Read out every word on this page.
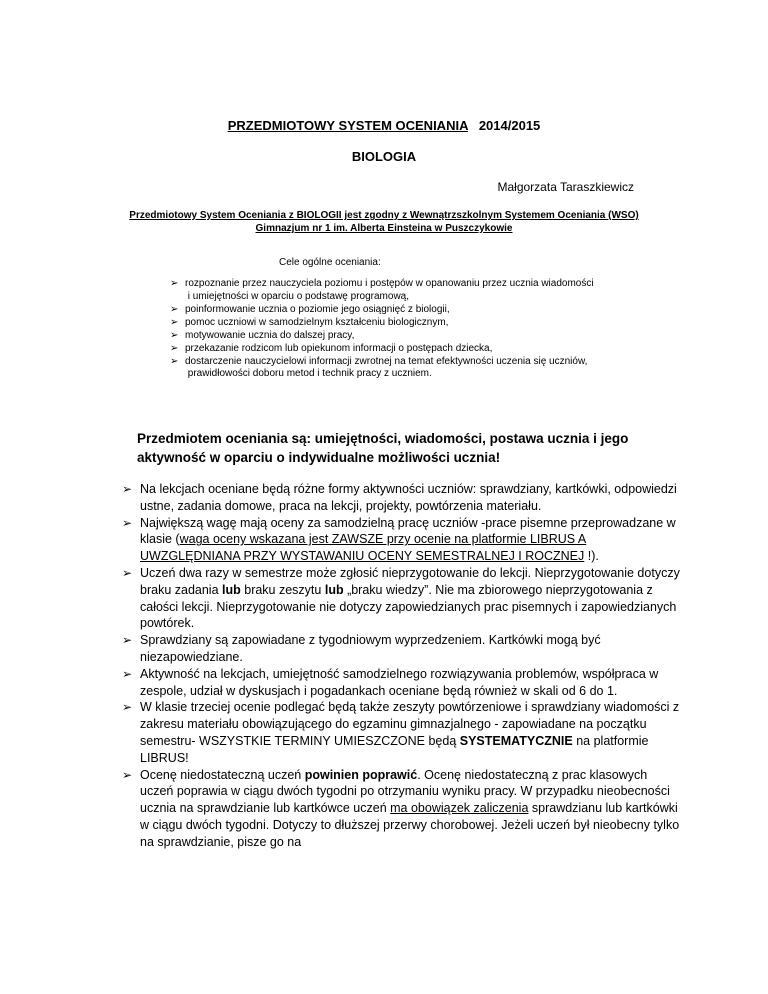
PRZEDMIOTOWY SYSTEM OCENIANIA 2014/2015
BIOLOGIA
Małgorzata Taraszkiewicz
Przedmiotowy System Oceniania z BIOLOGII jest zgodny z Wewnątrzszkolnym Systemem Oceniania (WSO)
Gimnazjum nr 1 im. Alberta Einsteina w Puszczykowie
Cele ogólne oceniania:
➢ rozpoznanie przez nauczyciela poziomu i postępów w opanowaniu przez ucznia wiadomości
i umiejętności w oparciu o podstawę programową,
➢ poinformowanie ucznia o poziomie jego osiągnięć z biologii,
➢ pomoc uczniowi w samodzielnym kształceniu biologicznym,
➢ motywowanie ucznia do dalszej pracy,
➢ przekazanie rodzicom lub opiekunom informacji o postępach dziecka,
➢ dostarczenie nauczycielowi informacji zwrotnej na temat efektywności uczenia się uczniów,
prawidłowości doboru metod i technik pracy z uczniem.
Przedmiotem oceniania są: umiejętności, wiadomości, postawa ucznia i jego aktywność w oparciu o indywidualne możliwości ucznia!
➢ Na lekcjach oceniane będą różne formy aktywności uczniów: sprawdziany, kartkówki, odpowiedzi ustne, zadania domowe, praca na lekcji, projekty, powtórzenia materiału.
➢ Największą wagę mają oceny za samodzielną pracę uczniów -prace pisemne przeprowadzane w klasie (waga oceny wskazana jest ZAWSZE przy ocenie na platformie LIBRUS A UWZGLĘDNIANA PRZY WYSTAWANIU OCENY SEMESTRALNEJ I ROCZNEJ !).
➢ Uczeń dwa razy w semestrze może zgłosić nieprzygotowanie do lekcji. Nieprzygotowanie dotyczy braku zadania lub braku zeszytu lub „braku wiedzy”. Nie ma zbiorowego nieprzygotowania z całości lekcji. Nieprzygotowanie nie dotyczy zapowiedzianych prac pisemnych i zapowiedzianych powtórek.
➢ Sprawdziany są zapowiadane z tygodniowym wyprzedzeniem. Kartkówki mogą być niezapowiedziane.
➢ Aktywność na lekcjach, umiejętność samodzielnego rozwiązywania problemów, współpraca w zespole, udział w dyskusjach i pogadankach oceniane będą również w skali od 6 do 1.
➢ W klasie trzeciej ocenie podlegać będą także zeszyty powtórzeniowe i sprawdziany wiadomości z zakresu materiału obowiązującego do egzaminu gimnazjalnego - zapowiadane na początku semestru- WSZYSTKIE TERMINY UMIESZCZONE będą SYSTEMATYCZNIE na platformie LIBRUS!
➢ Ocenę niedostateczną uczeń powinien poprawić. Ocenę niedostateczną z prac klasowych uczeń poprawia w ciągu dwóch tygodni po otrzymaniu wyniku pracy. W przypadku nieobecności ucznia na sprawdzianie lub kartkówce uczeń ma obowiązek zaliczenia sprawdzianu lub kartkówki w ciągu dwóch tygodni. Dotyczy to dłuższej przerwy chorobowej. Jeżeli uczeń był nieobecny tylko na sprawdzianie, pisze go na
